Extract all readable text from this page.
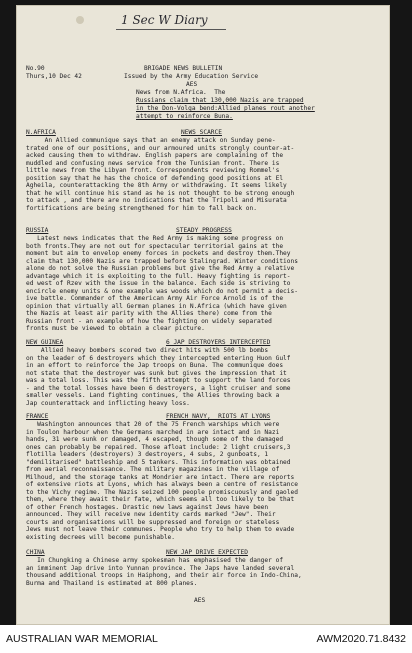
1 Sec W Diary
No.90
Thurs,10 Dec 42
BRIGADE NEWS BULLETIN
Issued by the Army Education Service
AES
News from N.Africa.  The
Russians claim that 130,000 Nazis are trapped
in the Don-Volga bend:Allied planes rout another
attempt to reinforce Buna.
N.AFRICA	NEWS SCARCE
An Allied communique says that an enemy attack on Sunday pene-
trated one of our positions, and our armoured units strongly counter-at-
acked causing them to withdraw. English papers are complaining of the
muddled and confusing news service from the Tunisian front. There is
little news from the Libyan front. Correspondents reviewing Rommel's
position say that he has the choice of defending good positions at El
Agheila, counterattacking the 8th Army or withdrawing. It seems likely
that he will continue his stand as he is not thought to be strong enough
to attack , and there are no indications that the Tripoli and Misurata
fortifications are being strengthened for him to fall back on.
RUSSIA	STEADY PROGRESS
Latest news indicates that the Red Army is making some progress on
both fronts.They are not out for spectacular territorial gains at the
moment but aim to envelop enemy forces in pockets and destroy them.They
claim that 130,000 Nazis are trapped before Stalingrad. Winter conditions
alone do not solve the Russian problems but give the Red Army a relative
advantage which it is exploiting to the full. Heavy fighting is report-
ed west of Rzev with the issue in the balance. Each side is striving to
encircle enemy units & one example was woods which do not permit a decis-
ive battle. Commander of the American Army Air Force Arnold is of the
opinion that virtually all German planes in N.Africa (which have given
the Nazis at least air parity with the Allies there) come from the
Russian front - an example of how the fighting on widely separated
fronts must be viewed to obtain a clear picture.
NEW GUINEA	6 JAP DESTROYERS INTERCEPTED
Allied heavy bombers scored two direct hits with 500 lb bombs
on the leader of 6 destroyers which they intercepted entering Huon Gulf
in an effort to reinforce the Jap troops on Buna. The communique does
not state that the destroyer was sunk but gives the impression that it
was a total loss. This was the fifth attempt to support the land forces
- and the total losses have been 6 destroyers, a light cruiser and some
smaller vessels. Land fighting continues, the Allies throwing back a
Jap counterattack and inflicting heavy loss.
FRANCE	FRENCH NAVY,  RIOTS AT LYONS
Washington announces that 20 of the 75 French warships which were
in Toulon harbour when the Germans marched in are intact and in Nazi
hands, 31 were sunk or damaged, 4 escaped, though some of the damaged
ones can probably be repaired. Those afloat include: 2 light cruisers,3
flotilla leaders (destroyers) 3 destroyers, 4 subs, 2 gunboats, 1
"demilitarised" battleship and 5 tankers. This information was obtained
from aerial reconnaissance. The military magazines in the village of
Milhoud, and the storage tanks at Mondrier are intact. There are reports
of extensive riots at Lyons, which has always been a centre of resistance
to the Vichy regime. The Nazis seized 100 people promiscuously and gaoled
them, where they await their fate, which seems all too likely to be that
of other French hostages. Drastic new laws against Jews have been
announced. They will receive new identity cards marked "Jew". Their
courts and organisations will be suppressed and foreign or stateless
Jews must not leave their communes. People who try to help them to evade
existing decrees will become punishable.
CHINA	NEW JAP DRIVE EXPECTED
In Chungking a Chinese army spokesman has emphasised the danger of
an imminent Jap drive into Yunnan province. The Japs have landed several
thousand additional troops in Haiphong, and their air force in Indo-China,
Burma and Thailand is estimated at 800 planes.
AES
AUSTRALIAN WAR MEMORIAL	AWM2020.71.8432
